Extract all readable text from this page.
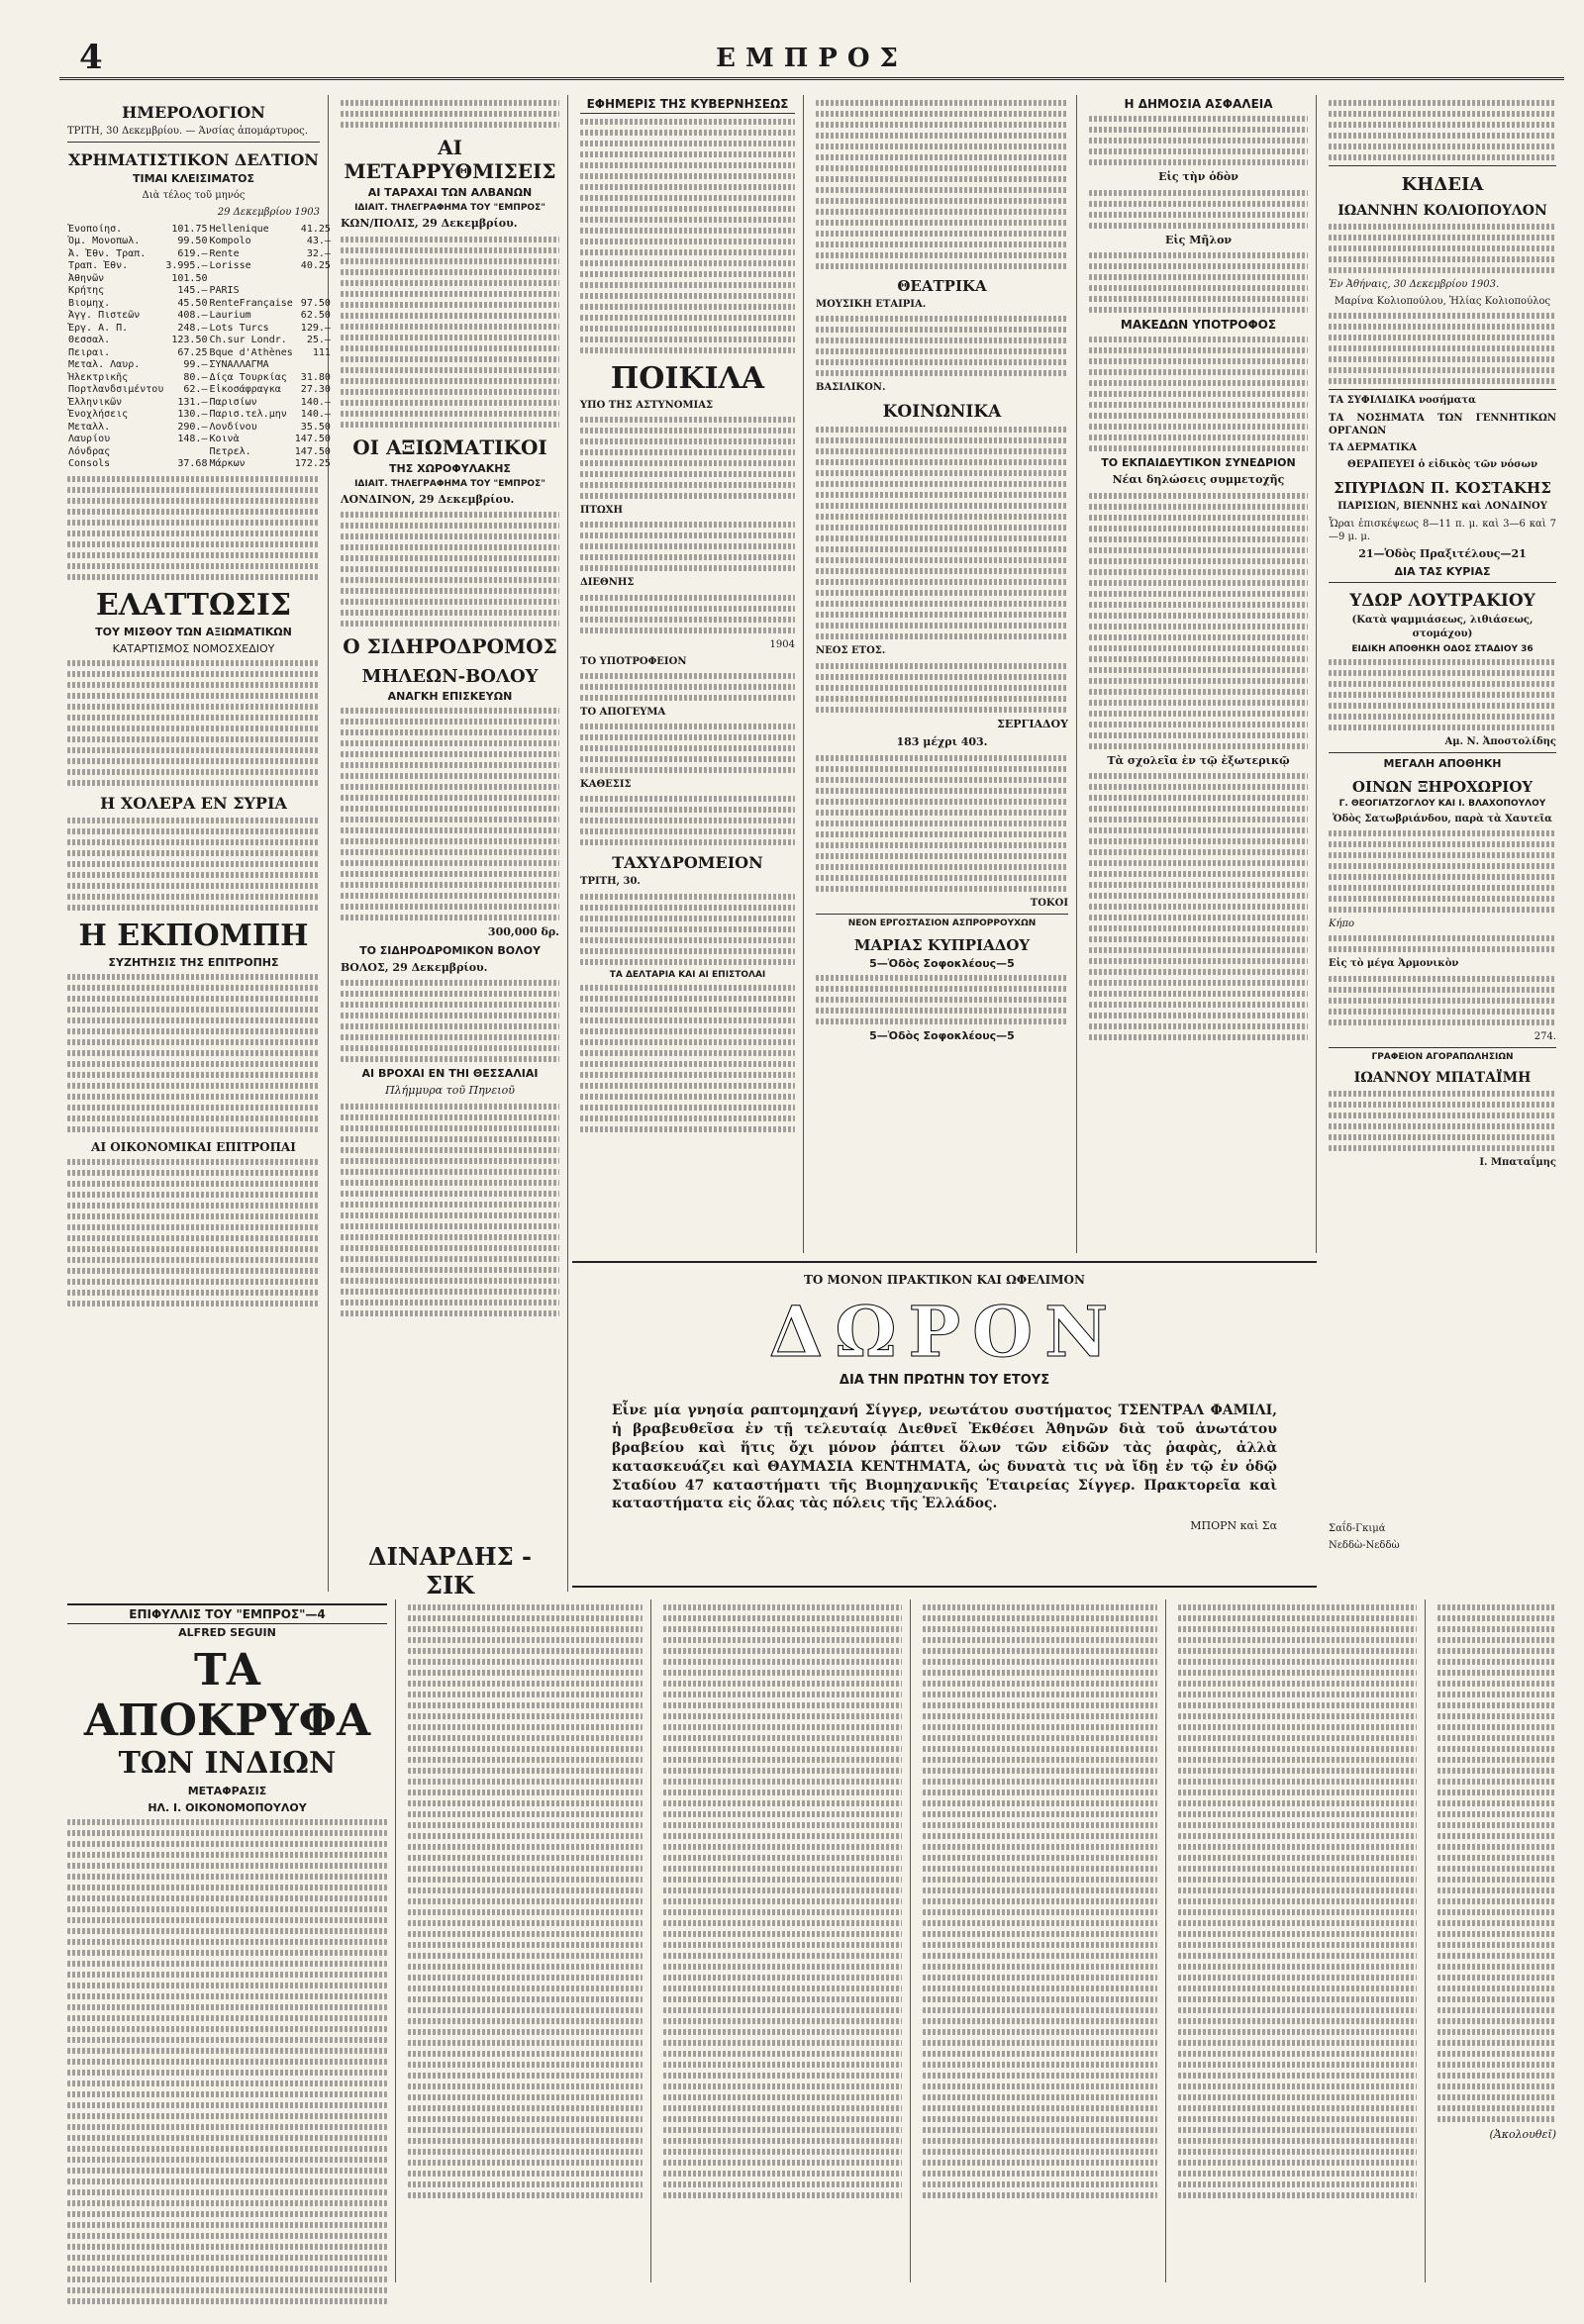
4	ΕΜΠΡΟΣ
ΗΜΕΡΟΛΟΓΙΟΝ
ΤΡΙΤΗ, 30 Δεκεμβρίου. — Άνσίας ἀπομάρτυρος.
ΧΡΗΜΑΤΙΣΤΙΚΟΝ ΔΕΛΤΙΟΝ
ΤΙΜΑΙ ΚΛΕΙΣΙΜΑΤΟΣ
Διὰ τέλος τοῦ μηνός
29 Δεκεμβρίου 1903
Ἐνοποίησ.	101.75	Hellenique	41.25
Ὁμ. Μονοπωλ.	99.50	Kompolo	43.—
Ἀ. Ἐθν. Τραπ.	619.—	Rente	32.—
Τραπ. Ἐθν.	3.995.—	Lorisse	40.25
Ἀθηνῶν	101.50		
Κρήτης	145.—	PARIS	
Βιομηχ.	45.50	RenteFrançaise	97.50
Ἀγγ. Πιστεῶν	408.—	Laurium	62.50
Ἐργ. Α. Π.	248.—	Lots Turcs	129.—
Θεσσαλ.	123.50	Ch.sur Londr.	25.—
Πειραι.	67.25	Bque d'Athènes	111
Μεταλ. Λαυρ.	99.—	ΣΥΝΑΛΛΑΓΜΑ	
Ἡλεκτρικῆς	80.—	Δίςα Τουρκίας	31.80
Πορτλανδσιμέντου	62.—	Εἰκοσάφραγκα	27.30
Ἑλληνικῶν	131.—	Παρισίων	140.—
Ἐνοχλήσεις	130.—	Παρισ.τελ.μην	140.—
Μεταλλ.	290.—	Λονδίνου	35.50
Λαυρίου	148.—	Κοινὰ	147.50
Λόνδρας		Πετρελ.	147.50
Consols	37.68	Μάρκων	172.25
ΕΛΑΤΤΩΣΙΣ
ΤΟΥ ΜΙΣΘΟΥ ΤΩΝ ΑΞΙΩΜΑΤΙΚΩΝ
ΚΑΤΑΡΤΙΣΜΟΣ ΝΟΜΟΣΧΕΔΙΟΥ
Η ΧΟΛΕΡΑ ΕΝ ΣΥΡΙΑ
Η ΕΚΠΟΜΠΗ
ΣΥΖΗΤΗΣΙΣ ΤΗΣ ΕΠΙΤΡΟΠΗΣ
ΑΙ ΟΙΚΟΝΟΜΙΚΑΙ ΕΠΙΤΡΟΠΑΙ
ΑΙ ΜΕΤΑΡΡΥΘΜΙΣΕΙΣ
ΑΙ ΤΑΡΑΧΑΙ ΤΩΝ ΑΛΒΑΝΩΝ
ΙΔΙΑΙΤ. ΤΗΛΕΓΡΑΦΗΜΑ ΤΟΥ "ΕΜΠΡΟΣ"
ΚΩΝ/ΠΟΛΙΣ, 29 Δεκεμβρίου.
ΟΙ ΑΞΙΩΜΑΤΙΚΟΙ
ΤΗΣ ΧΩΡΟΦΥΛΑΚΗΣ
ΙΔΙΑΙΤ. ΤΗΛΕΓΡΑΦΗΜΑ ΤΟΥ "ΕΜΠΡΟΣ"
ΛΟΝΔΙΝΟΝ, 29 Δεκεμβρίου.
Ο ΣΙΔΗΡΟΔΡΟΜΟΣ
ΜΗΛΕΩΝ-ΒΟΛΟΥ
ΑΝΑΓΚΗ ΕΠΙΣΚΕΥΩΝ
300,000 δρ.
ΤΟ ΣΙΔΗΡΟΔΡΟΜΙΚΟΝ ΒΟΛΟΥ
ΒΟΛΟΣ, 29 Δεκεμβρίου.
ΑΙ ΒΡΟΧΑΙ ΕΝ ΤΗΙ ΘΕΣΣΑΛΙΑΙ
Πλήμμυρα τοῦ Πηνειοῦ
ΕΦΗΜΕΡΙΣ ΤΗΣ ΚΥΒΕΡΝΗΣΕΩΣ
ΠΟΙΚΙΛΑ
ΥΠΟ ΤΗΣ ΑΣΤΥΝΟΜΙΑΣ
ΠΤΩΧΗ
ΔΙΕΘΝΗΣ
1904
ΤΟ ΥΠΟΤΡΟΦΕΙΟΝ
ΤΟ ΑΠΟΓΕΥΜΑ
ΚΑΘΕΣΙΣ
ΤΑΧΥΔΡΟΜΕΙΟΝ
ΤΡΙΤΗ, 30.
ΤΑ ΔΕΛΤΑΡΙΑ ΚΑΙ ΑΙ ΕΠΙΣΤΟΛΑΙ
ΘΕΑΤΡΙΚΑ
ΜΟΥΣΙΚΗ ΕΤΑΙΡΙΑ.
ΒΑΣΙΛΙΚΟΝ.
ΚΟΙΝΩΝΙΚΑ
ΝΕΟΣ ΕΤΟΣ.
ΣΕΡΓΙΑΔΟΥ
183 μέχρι 403.
ΤΟΚΟΙ
ΝΕΟΝ ΕΡΓΟΣΤΑΣΙΟΝ ΑΣΠΡΟΡΡΟΥΧΩΝ
ΜΑΡΙΑΣ ΚΥΠΡΙΑΔΟΥ
5—Ὁδὸς Σοφοκλέους—5
5—Ὁδὸς Σοφοκλέους—5
Η ΔΗΜΟΣΙΑ ΑΣΦΑΛΕΙΑ
Εἰς τὴν ὁδὸν
Εἰς Μῆλον
ΜΑΚΕΔΩΝ ΥΠΟΤΡΟΦΟΣ
ΤΟ ΕΚΠΑΙΔΕΥΤΙΚΟΝ ΣΥΝΕΔΡΙΟΝ
Νέαι δηλώσεις συμμετοχῆς
Τὰ σχολεῖα ἐν τῷ ἐξωτερικῷ
ΚΗΔΕΙΑ
ΙΩΑΝΝΗΝ ΚΟΛΙΟΠΟΥΛΟΝ
Ἐν Ἀθήναις, 30 Δεκεμβρίου 1903.
Μαρίνα Κολιοπούλου, Ἠλίας Κολιοπούλος
ΤΑ ΣΥΦΙΛΙΔΙΚΑ νοσήματα
ΤΑ ΝΟΣΗΜΑΤΑ ΤΩΝ ΓΕΝΝΗΤΙΚΩΝ ΟΡΓΑΝΩΝ
ΤΑ ΔΕΡΜΑΤΙΚΑ
ΘΕΡΑΠΕΥΕΙ ὁ εἰδικὸς τῶν νόσων
ΣΠΥΡΙΔΩΝ Π. ΚΟΣΤΑΚΗΣ
ΠΑΡΙΣΙΩΝ, ΒΙΕΝΝΗΣ καὶ ΛΟΝΔΙΝΟΥ
Ὧραι ἐπισκέψεως 8—11 π. μ. καὶ 3—6 καὶ 7—9 μ. μ.
21—Ὁδὸς Πραξιτέλους—21
ΔΙΑ ΤΑΣ ΚΥΡΙΑΣ
ΥΔΩΡ ΛΟΥΤΡΑΚΙΟΥ
(Κατὰ ψαμμιάσεως, λιθιάσεως, στομάχου)
ΕΙΔΙΚΗ ΑΠΟΘΗΚΗ ΟΔΟΣ ΣΤΑΔΙΟΥ 36
Αμ. Ν. Ἀποστολίδης
ΜΕΓΑΛΗ ΑΠΟΘΗΚΗ
ΟΙΝΩΝ ΞΗΡΟΧΩΡΙΟΥ
Γ. ΘΕΟΓΙΑΤΖΟΓΛΟΥ ΚΑΙ Ι. ΒΛΑΧΟΠΟΥΛΟΥ
Ὁδὸς Σατωβριάνδου, παρὰ τὰ Χαυτεῖα
Κήπο
Εἰς τὸ μέγα Ἀρμονικὸν
274.
ΓΡΑΦΕΙΟΝ ΑΓΟΡΑΠΩΛΗΣΙΩΝ
ΙΩΑΝΝΟΥ ΜΠΑΤΑΪΜΗ
Ι. Μπαταΐμης
ΤΟ ΜΟΝΟΝ ΠΡΑΚΤΙΚΟΝ ΚΑΙ ΩΦΕΛΙΜΟΝ
ΔΩΡΟΝ
ΔΙΑ ΤΗΝ ΠΡΩΤΗΝ ΤΟΥ ΕΤΟΥΣ
Εἶνε μία γνησία ραπτομηχανή Σίγγερ, νεωτάτου συστήματος ΤΣΕΝΤΡΑΛ ΦΑΜΙΛΙ, ἡ βραβευθεῖσα ἐν τῇ τελευταίᾳ Διεθνεῖ Ἐκθέσει Ἀθηνῶν διὰ τοῦ ἀνωτάτου βραβείου καὶ ἥτις ὄχι μόνον ῥάπτει ὅλων τῶν εἰδῶν τὰς ῥαφὰς, ἀλλὰ κατασκευάζει καὶ ΘΑΥΜΑΣΙΑ ΚΕΝΤΗΜΑΤΑ, ὡς δυνατὰ τις νὰ ἴδῃ ἐν τῷ ἐν ὁδῷ Σταδίου 47 καταστήματι τῆς Βιομηχανικῆς Ἑταιρείας Σίγγερ. Πρακτορεῖα καὶ καταστήματα εἰς ὅλας τὰς πόλεις τῆς Ἑλλάδος.
ΜΠΟΡΝ καὶ Σα
ΕΠΙΦΥΛΛΙΣ ΤΟΥ "ΕΜΠΡΟΣ"—4
ALFRED SEGUIN
ΤΑ ΑΠΟΚΡΥΦΑ
ΤΩΝ ΙΝΔΙΩΝ
ΜΕΤΑΦΡΑΣΙΣ
ΗΛ. Ι. ΟΙΚΟΝΟΜΟΠΟΥΛΟΥ
(Ἀκολουθεῖ)
ΔΙΝΑΡΔΗΣ - ΣΙΚ
Σαΐδ-Γκιμά
Νεδδὼ-Νεδδὼ
